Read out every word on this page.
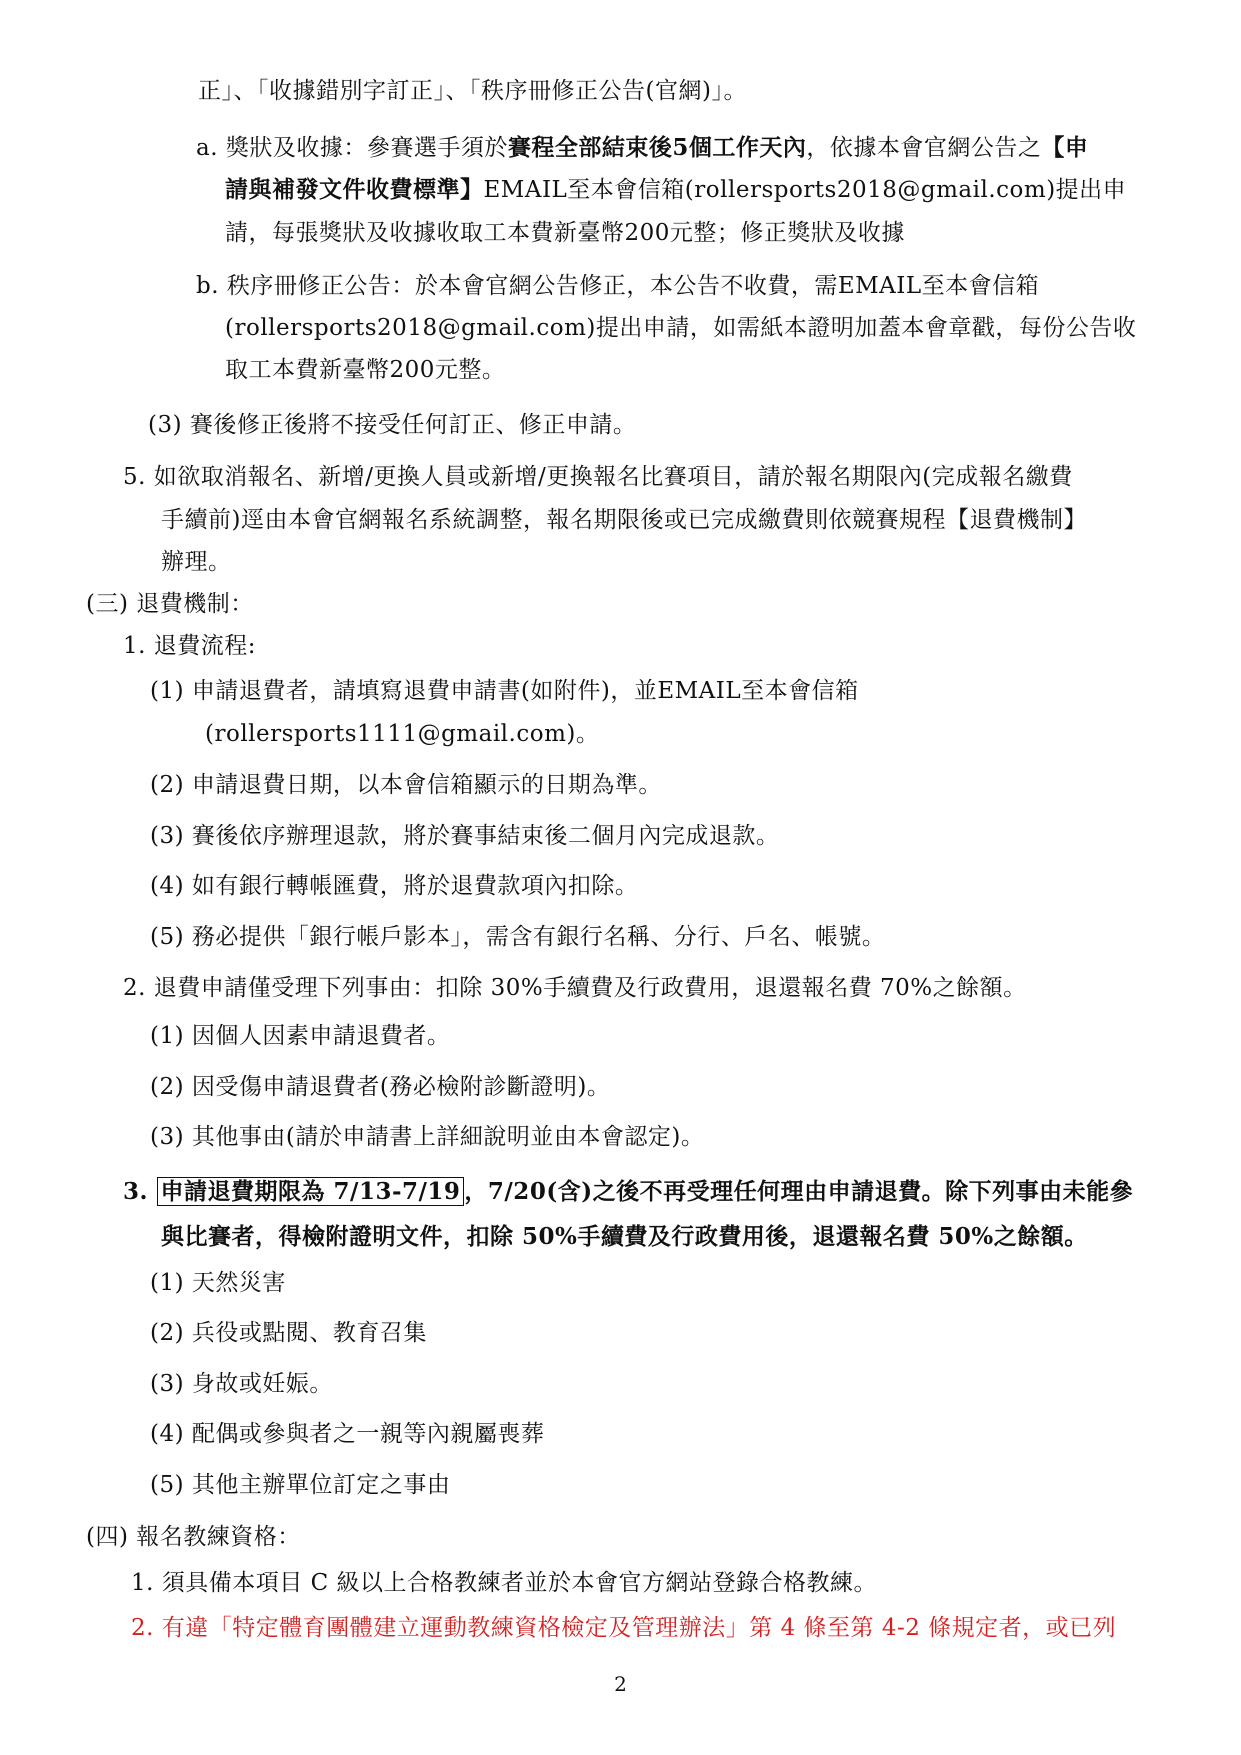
正」、「收據錯別字訂正」、「秩序冊修正公告(官網)」。
a. 獎狀及收據：參賽選手須於賽程全部結束後5個工作天內，依據本會官網公告之【申
請與補發文件收費標準】EMAIL至本會信箱(rollersports2018@gmail.com)提出申
請，每張獎狀及收據收取工本費新臺幣200元整；修正獎狀及收據
b. 秩序冊修正公告：於本會官網公告修正，本公告不收費，需EMAIL至本會信箱
(rollersports2018@gmail.com)提出申請，如需紙本證明加蓋本會章戳，每份公告收
取工本費新臺幣200元整。
(3) 賽後修正後將不接受任何訂正、修正申請。
5. 如欲取消報名、新增/更換人員或新增/更換報名比賽項目，請於報名期限內(完成報名繳費
手續前)逕由本會官網報名系統調整，報名期限後或已完成繳費則依競賽規程【退費機制】
辦理。
(三) 退費機制：
1. 退費流程:
(1) 申請退費者，請填寫退費申請書(如附件)，並EMAIL至本會信箱
(rollersports1111@gmail.com)。
(2) 申請退費日期，以本會信箱顯示的日期為準。
(3) 賽後依序辦理退款，將於賽事結束後二個月內完成退款。
(4) 如有銀行轉帳匯費，將於退費款項內扣除。
(5) 務必提供「銀行帳戶影本」，需含有銀行名稱、分行、戶名、帳號。
2. 退費申請僅受理下列事由：扣除 30%手續費及行政費用，退還報名費 70%之餘額。
(1) 因個人因素申請退費者。
(2) 因受傷申請退費者(務必檢附診斷證明)。
(3) 其他事由(請於申請書上詳細說明並由本會認定)。
3. 申請退費期限為 7/13-7/19 ，7/20(含)之後不再受理任何理由申請退費。除下列事由未能參
與比賽者，得檢附證明文件，扣除 50%手續費及行政費用後，退還報名費 50%之餘額。
(1) 天然災害
(2) 兵役或點閱、教育召集
(3) 身故或妊娠。
(4) 配偶或參與者之一親等內親屬喪葬
(5) 其他主辦單位訂定之事由
(四) 報名教練資格：
1. 須具備本項目 C 級以上合格教練者並於本會官方網站登錄合格教練。
2. 有違「特定體育團體建立運動教練資格檢定及管理辦法」第 4 條至第 4-2 條規定者，或已列
2
